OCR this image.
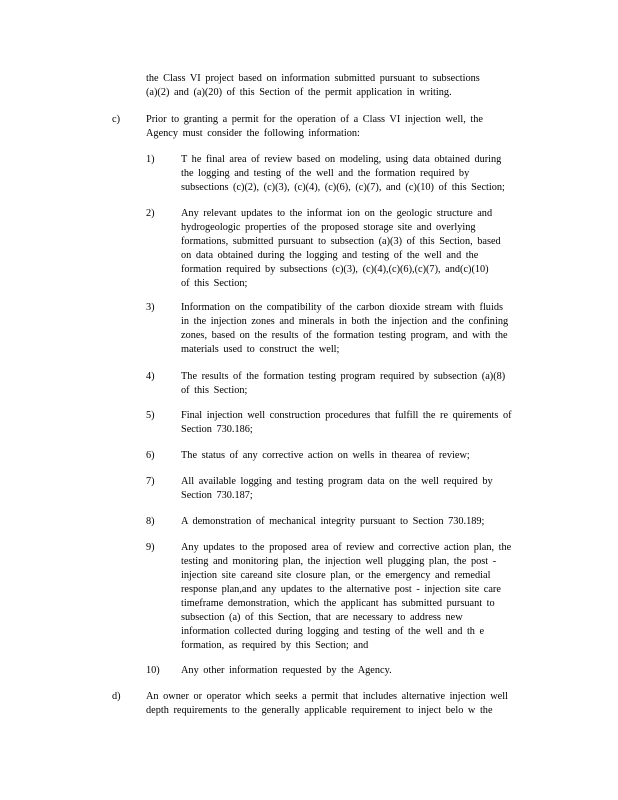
the Class VI project based on information submitted pursuant to subsections

(a)(2) and (a)(20) of this Section of the permit application in writing.

c)	Prior to granting a permit for the operation of a Class VI injection well, the

Agency must consider the following information:

1)	T he final area of review based on modeling, using data obtained during

the logging and testing of the well and the formation required by

subsections (c)(2), (c)(3), (c)(4), (c)(6), (c)(7), and (c)(10) of this Section;

2)	Any relevant updates to the informat ion on the geologic structure and

hydrogeologic properties of the proposed storage site and overlying

formations, submitted pursuant to subsection (a)(3) of this Section, based

on data obtained during the logging and testing of the well and the

formation required by subsections (c)(3), (c)(4),(c)(6),(c)(7), and(c)(10)

of this Section;

3)	Information on the compatibility of the carbon dioxide stream with fluids

in the injection zones and minerals in both the injection and the confining

zones, based on the results of the formation testing program, and with the

materials used to construct the well;

4)	The results of the formation testing program required by subsection (a)(8)

of this Section;

5)	Final injection well construction procedures that fulfill the re quirements of

Section 730.186;

6)	The status of any corrective action on wells in thearea of review;

7)	All available logging and testing program data on the well required by

Section 730.187;

8)	A demonstration of mechanical integrity pursuant to Section 730.189;

9)	Any updates to the proposed area of review and corrective action plan, the

testing and monitoring plan, the injection well plugging plan, the post -

injection site careand site closure plan, or the emergency and remedial

response plan,and any updates to the alternative post - injection site care

timeframe demonstration, which the applicant has submitted pursuant to

subsection (a) of this Section, that are necessary to address new

information collected during logging and testing of the well and th e

formation, as required by this Section; and

10) Any other information requested by the Agency.

d) An owner or operator which seeks a permit that includes alternative injection well

depth requirements to the generally applicable requirement to inject belo w the
